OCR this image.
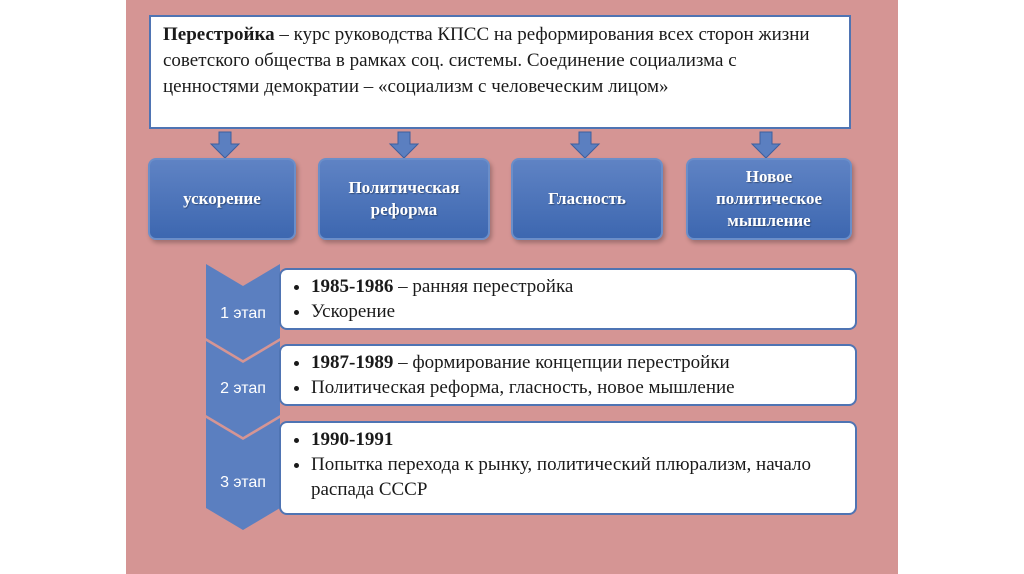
Перестройка – курс руководства КПСС на реформирования всех сторон жизни советского общества в рамках соц. системы. Соединение социализма с ценностями демократии – «социализм с человеческим лицом»
ускорение
Политическая реформа
Гласность
Новое политическое мышление
1 этап
2 этап
3 этап
• 1985-1986 – ранняя перестройка
• Ускорение
• 1987-1989 – формирование концепции перестройки
• Политическая реформа, гласность, новое мышление
• 1990-1991
• Попытка перехода к рынку, политический плюрализм, начало распада СССР
